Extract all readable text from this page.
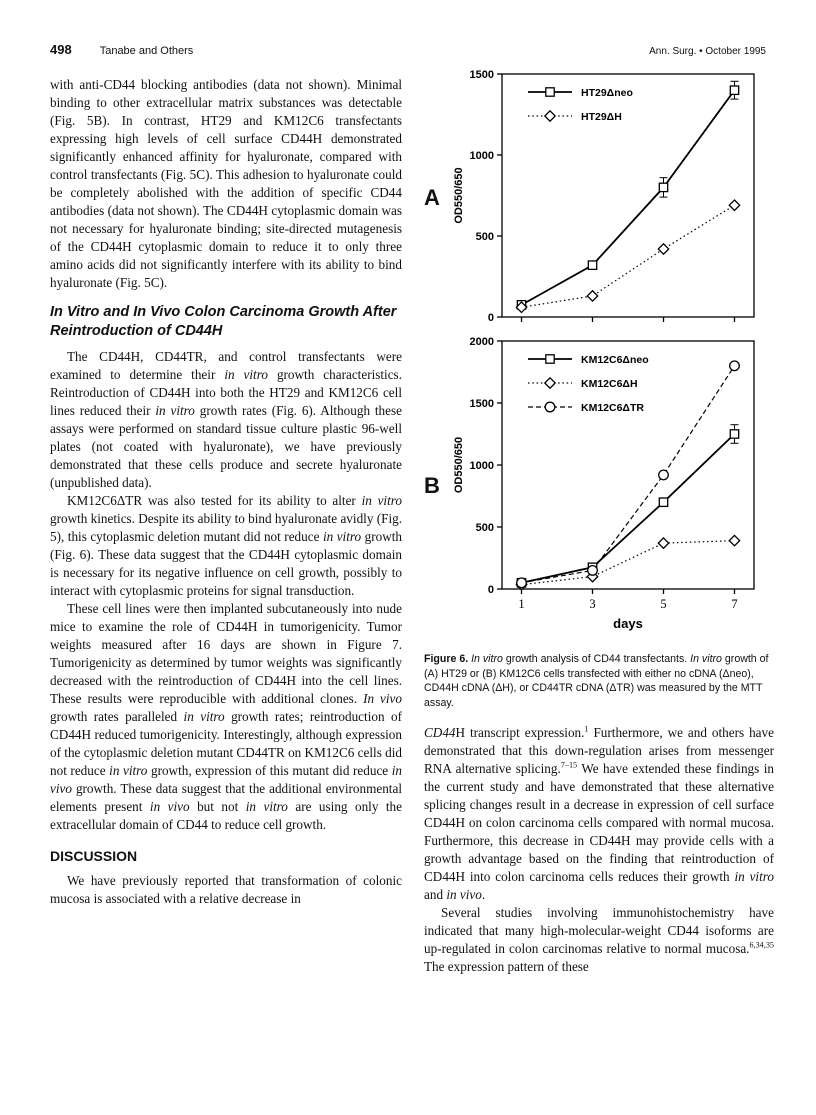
498	Tanabe and Others	Ann. Surg. • October 1995

with anti-CD44 blocking antibodies (data not shown). Minimal binding to other extracellular matrix substances was detectable (Fig. 5B). In contrast, HT29 and KM12C6 transfectants expressing high levels of cell surface CD44H demonstrated significantly enhanced affinity for hyaluronate, compared with control transfectants (Fig. 5C). This adhesion to hyaluronate could be completely abolished with the addition of specific CD44 antibodies (data not shown). The CD44H cytoplasmic domain was not necessary for hyaluronate binding; site-directed mutagenesis of the CD44H cytoplasmic domain to reduce it to only three amino acids did not significantly interfere with its ability to bind hyaluronate (Fig. 5C).

In Vitro and In Vivo Colon Carcinoma Growth After Reintroduction of CD44H

The CD44H, CD44TR, and control transfectants were examined to determine their in vitro growth characteristics. Reintroduction of CD44H into both the HT29 and KM12C6 cell lines reduced their in vitro growth rates (Fig. 6). Although these assays were performed on standard tissue culture plastic 96-well plates (not coated with hyaluronate), we have previously demonstrated that these cells produce and secrete hyaluronate (unpublished data).

KM12C6ΔTR was also tested for its ability to alter in vitro growth kinetics. Despite its ability to bind hyaluronate avidly (Fig. 5), this cytoplasmic deletion mutant did not reduce in vitro growth (Fig. 6). These data suggest that the CD44H cytoplasmic domain is necessary for its negative influence on cell growth, possibly to interact with cytoplasmic proteins for signal transduction.

These cell lines were then implanted subcutaneously into nude mice to examine the role of CD44H in tumorigenicity. Tumor weights measured after 16 days are shown in Figure 7. Tumorigenicity as determined by tumor weights was significantly decreased with the reintroduction of CD44H into the cell lines. These results were reproducible with additional clones. In vivo growth rates paralleled in vitro growth rates; reintroduction of CD44H reduced tumorigenicity. Interestingly, although expression of the cytoplasmic deletion mutant CD44TR on KM12C6 cells did not reduce in vitro growth, expression of this mutant did reduce in vivo growth. These data suggest that the additional environmental elements present in vivo but not in vitro are using only the extracellular domain of CD44 to reduce cell growth.

DISCUSSION

We have previously reported that transformation of colonic mucosa is associated with a relative decrease in

A
0
500
1000
1500
OD550/650
HT29Δneo
HT29ΔH
B
0
500
1000
1500
2000
1	3	5	7
days
OD550/650
KM12C6Δneo
KM12C6ΔH
KM12C6ΔTR
Figure 6. In vitro growth analysis of CD44 transfectants. In vitro growth of (A) HT29 or (B) KM12C6 cells transfected with either no cDNA (Δneo), CD44H cDNA (ΔH), or CD44TR cDNA (ΔTR) was measured by the MTT assay.

CD44H transcript expression.$^1$ Furthermore, we and others have demonstrated that this down-regulation arises from messenger RNA alternative splicing.$^{7-15}$ We have extended these findings in the current study and have demonstrated that these alternative splicing changes result in a decrease in expression of cell surface CD44H on colon carcinoma cells compared with normal mucosa. Furthermore, this decrease in CD44H may provide cells with a growth advantage based on the finding that reintroduction of CD44H into colon carcinoma cells reduces their growth in vitro and in vivo.

Several studies involving immunohistochemistry have indicated that many high-molecular-weight CD44 isoforms are up-regulated in colon carcinomas relative to normal mucosa.$^{6,34,35}$ The expression pattern of these
